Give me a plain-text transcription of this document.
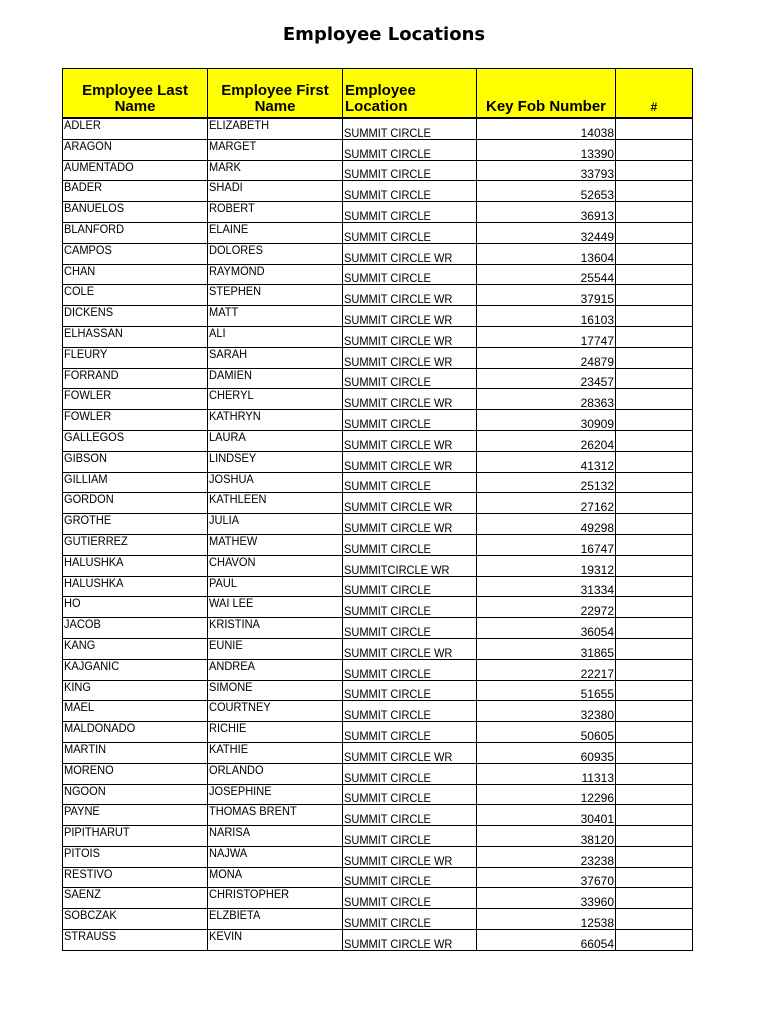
Employee Locations
Employee Last Name	Employee First Name	Employee Location	Key Fob Number	#
ADLER	ELIZABETH	SUMMIT CIRCLE	14038	
ARAGON	MARGET	SUMMIT CIRCLE	13390	
AUMENTADO	MARK	SUMMIT CIRCLE	33793	
BADER	SHADI	SUMMIT CIRCLE	52653	
BANUELOS	ROBERT	SUMMIT CIRCLE	36913	
BLANFORD	ELAINE	SUMMIT CIRCLE	32449	
CAMPOS	DOLORES	SUMMIT CIRCLE WR	13604	
CHAN	RAYMOND	SUMMIT CIRCLE	25544	
COLE	STEPHEN	SUMMIT CIRCLE WR	37915	
DICKENS	MATT	SUMMIT CIRCLE WR	16103	
ELHASSAN	ALI	SUMMIT CIRCLE WR	17747	
FLEURY	SARAH	SUMMIT CIRCLE WR	24879	
FORRAND	DAMIEN	SUMMIT CIRCLE	23457	
FOWLER	CHERYL	SUMMIT CIRCLE WR	28363	
FOWLER	KATHRYN	SUMMIT CIRCLE	30909	
GALLEGOS	LAURA	SUMMIT CIRCLE WR	26204	
GIBSON	LINDSEY	SUMMIT CIRCLE WR	41312	
GILLIAM	JOSHUA	SUMMIT CIRCLE	25132	
GORDON	KATHLEEN	SUMMIT CIRCLE WR	27162	
GROTHE	JULIA	SUMMIT CIRCLE WR	49298	
GUTIERREZ	MATHEW	SUMMIT CIRCLE	16747	
HALUSHKA	CHAVON	SUMMITCIRCLE WR	19312	
HALUSHKA	PAUL	SUMMIT CIRCLE	31334	
HO	WAI LEE	SUMMIT CIRCLE	22972	
JACOB	KRISTINA	SUMMIT CIRCLE	36054	
KANG	EUNIE	SUMMIT CIRCLE WR	31865	
KAJGANIC	ANDREA	SUMMIT CIRCLE	22217	
KING	SIMONE	SUMMIT CIRCLE	51655	
MAEL	COURTNEY	SUMMIT CIRCLE	32380	
MALDONADO	RICHIE	SUMMIT CIRCLE	50605	
MARTIN	KATHIE	SUMMIT CIRCLE WR	60935	
MORENO	ORLANDO	SUMMIT CIRCLE	11313	
NGOON	JOSEPHINE	SUMMIT CIRCLE	12296	
PAYNE	THOMAS BRENT	SUMMIT CIRCLE	30401	
PIPITHARUT	NARISA	SUMMIT CIRCLE	38120	
PITOIS	NAJWA	SUMMIT CIRCLE WR	23238	
RESTIVO	MONA	SUMMIT CIRCLE	37670	
SAENZ	CHRISTOPHER	SUMMIT CIRCLE	33960	
SOBCZAK	ELZBIETA	SUMMIT CIRCLE	12538	
STRAUSS	KEVIN	SUMMIT CIRCLE WR	66054	
